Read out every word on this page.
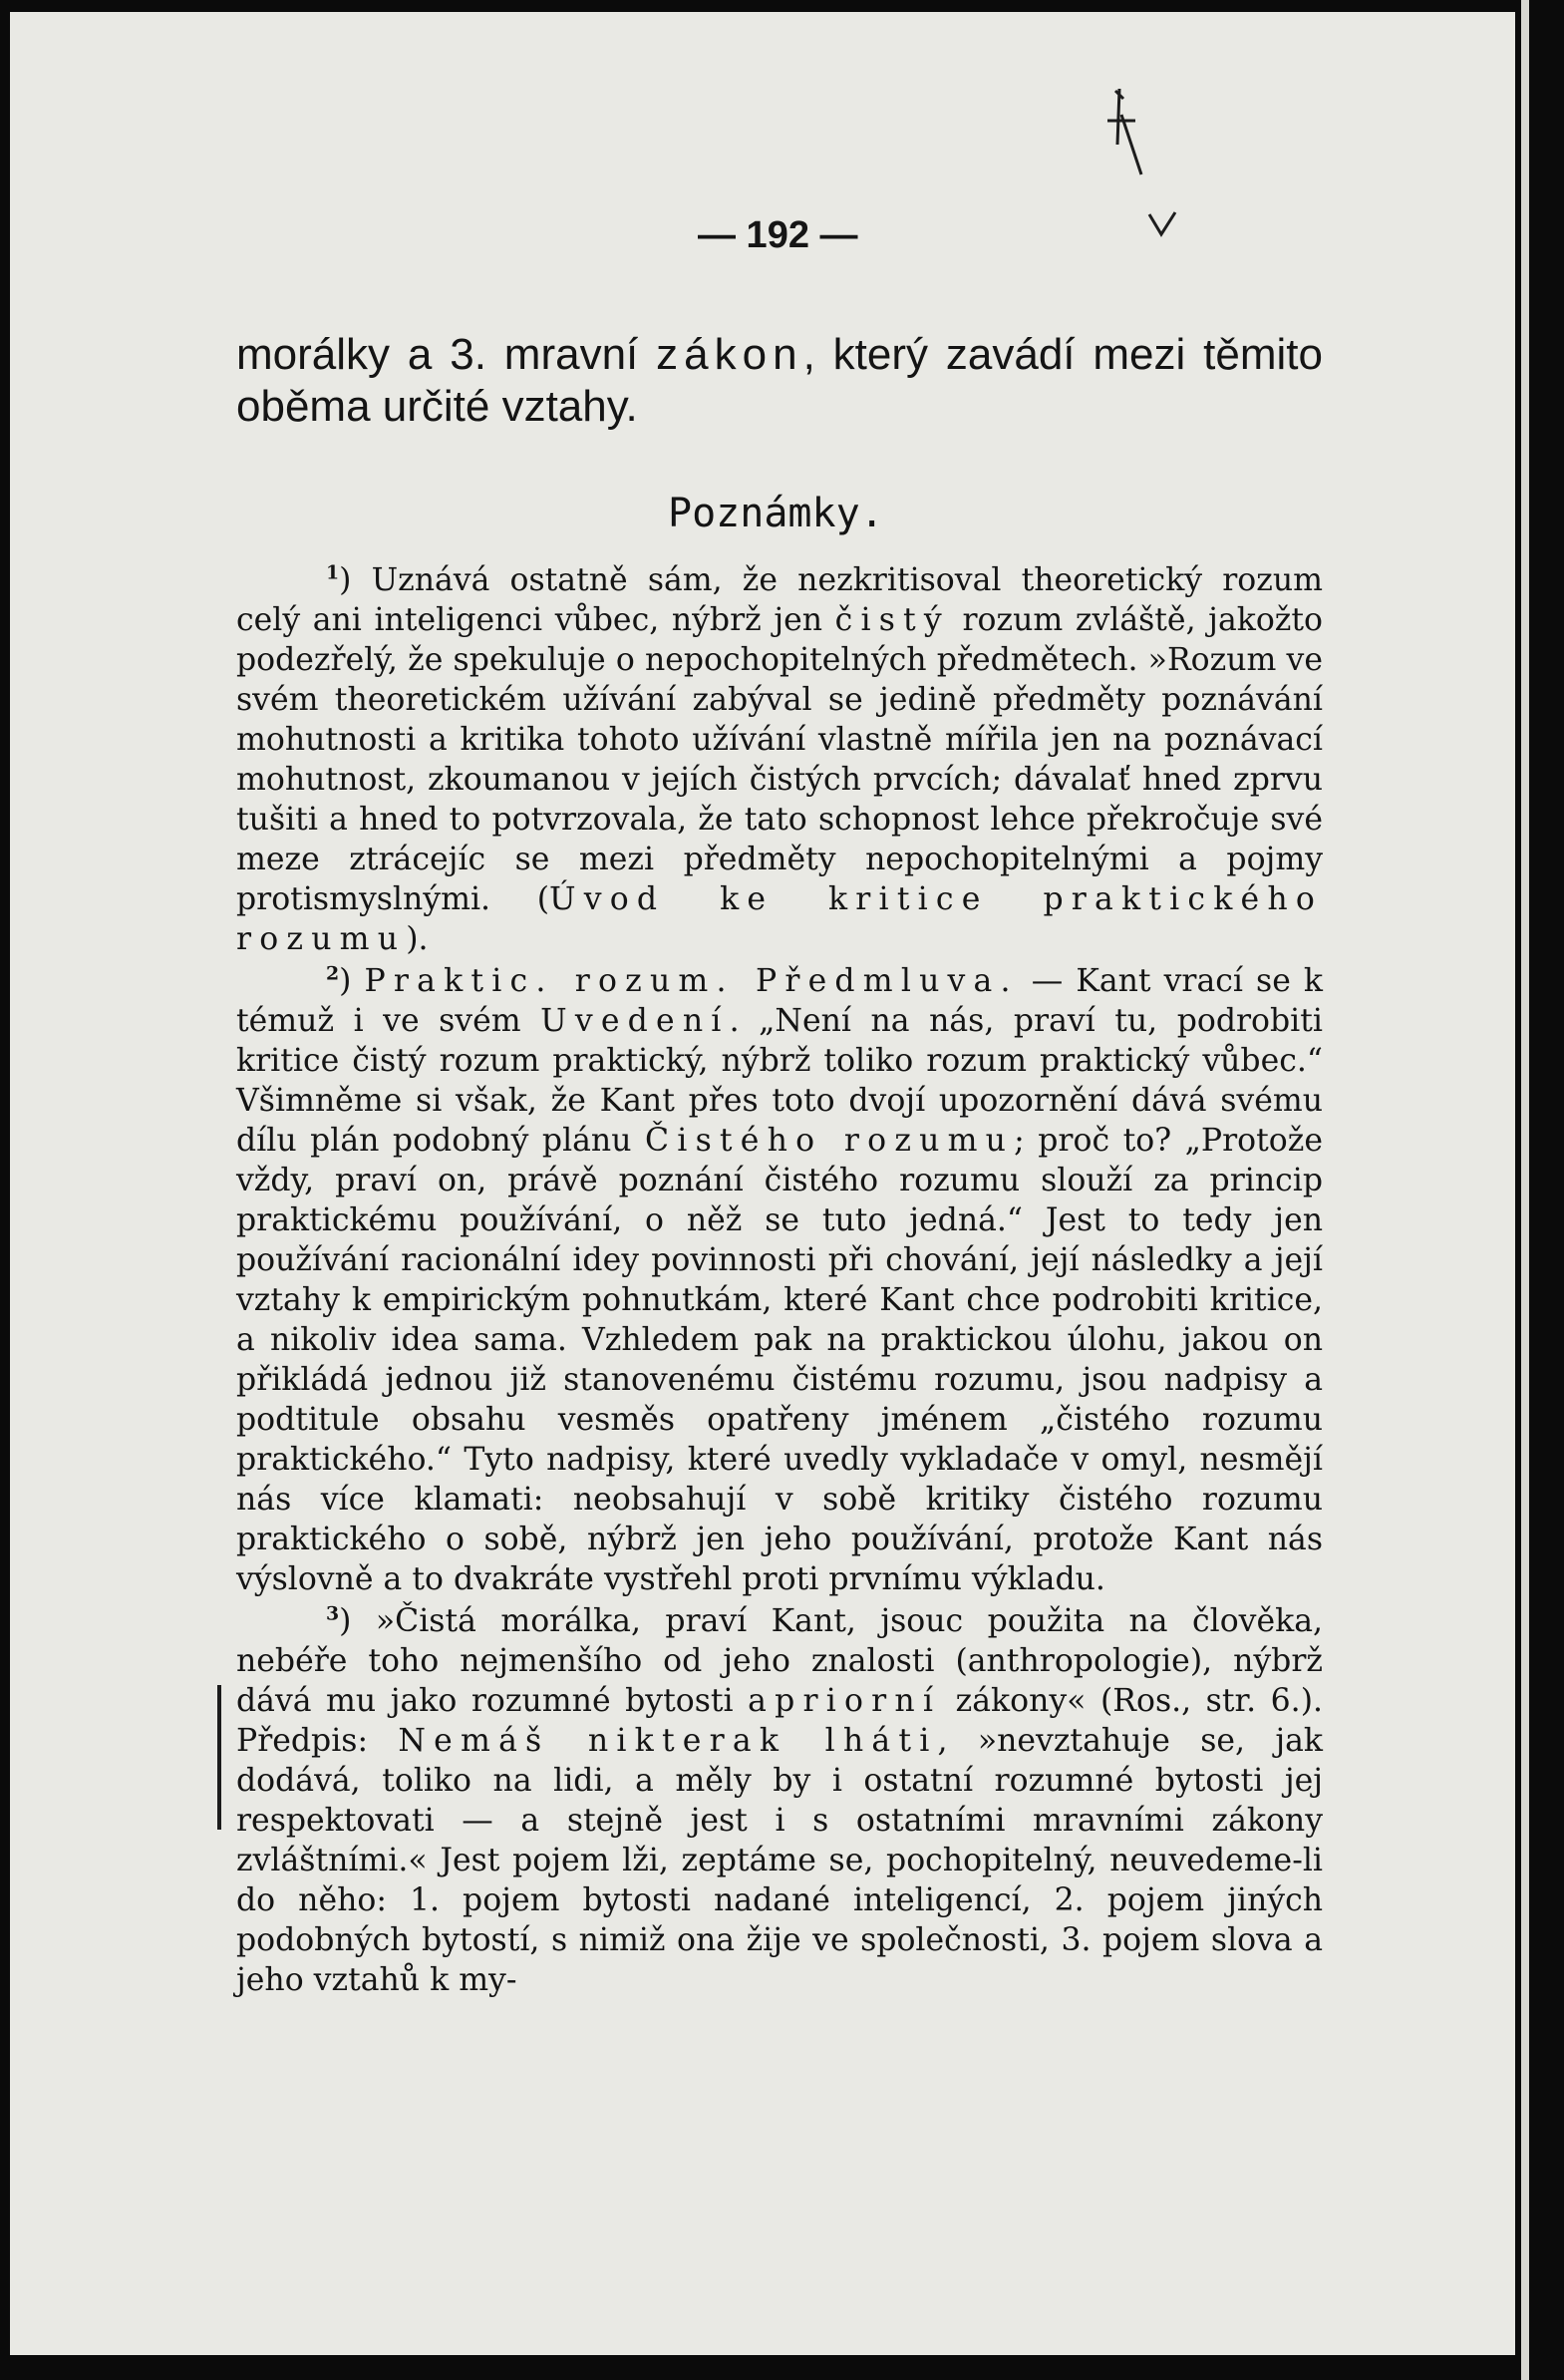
— 192 —
morálky a 3. mravní zákon, který zavádí mezi těmito oběma určité vztahy.
Poznámky.

$^1$) Uznává ostatně sám, že nezkritisoval theoretický rozum celý ani inteligenci vůbec, nýbrž jen čistý rozum zvláště, jakožto podezřelý, že spekuluje o nepochopitelných předmětech. »Rozum ve svém theoretickém užívání zabýval se jedině předměty poznávání mohutnosti a kritika tohoto užívání vlastně mířila jen na poznávací mohutnost, zkoumanou v jejích čistých prvcích; dávalať hned zprvu tušiti a hned to potvrzovala, že tato schopnost lehce překročuje své meze ztrácejíc se mezi předměty nepochopitelnými a pojmy protismyslnými. (Úvod ke kritice praktického rozumu).

$^2$) Praktic. rozum. Předmluva. — Kant vrací se k témuž i ve svém Uvedení. „Není na nás, praví tu, podrobiti kritice čistý rozum praktický, nýbrž toliko rozum praktický vůbec.“ Všimněme si však, že Kant přes toto dvojí upozornění dává svému dílu plán podobný plánu Čistého rozumu; proč to? „Protože vždy, praví on, právě poznání čistého rozumu slouží za princip praktickému používání, o něž se tuto jedná.“ Jest to tedy jen používání racionální idey povinnosti při chování, její následky a její vztahy k empirickým pohnutkám, které Kant chce podrobiti kritice, a nikoliv idea sama. Vzhledem pak na praktickou úlohu, jakou on přikládá jednou již stanovenému čistému rozumu, jsou nadpisy a podtitule obsahu vesměs opatřeny jménem „čistého rozumu praktického.“ Tyto nadpisy, které uvedly vykladače v omyl, nesmějí nás více klamati: neobsahují v sobě kritiky čistého rozumu praktického o sobě, nýbrž jen jeho používání, protože Kant nás výslovně a to dvakráte vystřehl proti prvnímu výkladu.

$^3$) »Čistá morálka, praví Kant, jsouc použita na člověka, nebéře toho nejmenšího od jeho znalosti (anthropologie), nýbrž dává mu jako rozumné bytosti apriorní zákony« (Ros., str. 6.). Předpis: Nemáš nikterak lháti, »nevztahuje se, jak dodává, toliko na lidi, a měly by i ostatní rozumné bytosti jej respektovati — a stejně jest i s ostatními mravními zákony zvláštními.« Jest pojem lži, zeptáme se, pochopitelný, neuvedeme-li do něho: 1. pojem bytosti nadané inteligencí, 2. pojem jiných podobných bytostí, s nimiž ona žije ve společnosti, 3. pojem slova a jeho vztahů k my-
